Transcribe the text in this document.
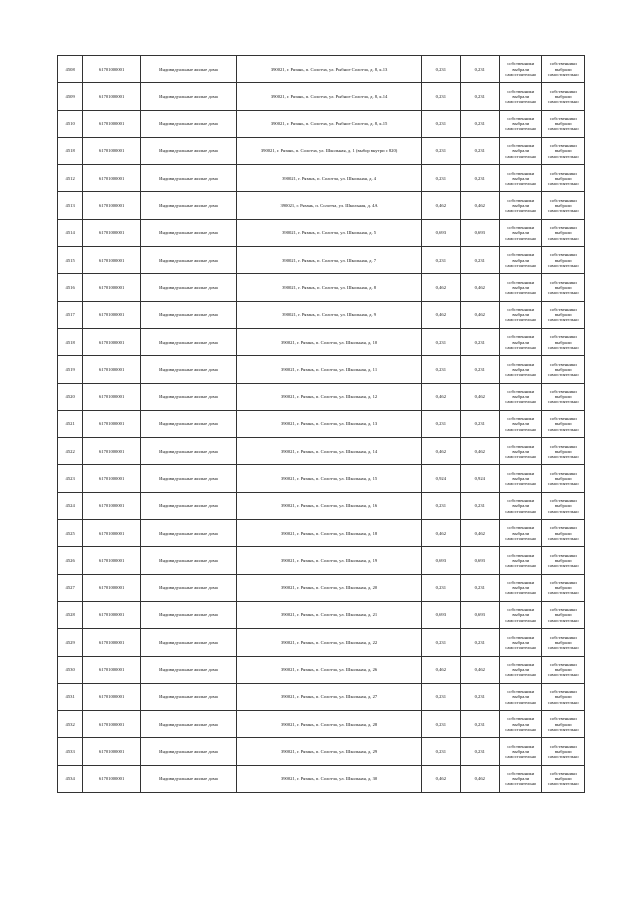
4508	61701000001	Индивидуальные жилые дома	390021, г. Рязань, п. Солотча, ул. Рыбное Солотча, д. 8, к.13	0,231	0,231	собственники выбрали самостоятельно	собственники выбрали самостоятельно
4509	61701000001	Индивидуальные жилые дома	390021, г. Рязань, п. Солотча, ул. Рыбное Солотча, д. 8, к.14	0,231	0,231	собственники выбрали самостоятельно	собственники выбрали самостоятельно
4510	61701000001	Индивидуальные жилые дома	390021, г. Рязань, п. Солотча, ул. Рыбное Солотча, д. 8, к.15	0,231	0,231	собственники выбрали самостоятельно	собственники выбрали самостоятельно
4518	61701000001	Индивидуальные жилые дома	390021, г. Рязань, п. Солотча, ул. Школьная, д. 1 (выбор внутри с 820)	0,231	0,231	собственники выбрали самостоятельно	собственники выбрали самостоятельно
4512	61701000001	Индивидуальные жилые дома	390021, г. Рязань, п. Солотча, ул. Школьная, д. 4	0,231	0,231	собственники выбрали самостоятельно	собственники выбрали самостоятельно
4513	61701000001	Индивидуальные жилые дома	390021, г. Рязань, п. Солотча, ул. Школьная, д. 4А	0,462	0,462	собственники выбрали самостоятельно	собственники выбрали самостоятельно
4514	61701000001	Индивидуальные жилые дома	390021, г. Рязань, п. Солотча, ул. Школьная, д. 5	0,693	0,693	собственники выбрали самостоятельно	собственники выбрали самостоятельно
4515	61701000001	Индивидуальные жилые дома	390021, г. Рязань, п. Солотча, ул. Школьная, д. 7	0,231	0,231	собственники выбрали самостоятельно	собственники выбрали самостоятельно
4516	61701000001	Индивидуальные жилые дома	390021, г. Рязань, п. Солотча, ул. Школьная, д. 8	0,462	0,462	собственники выбрали самостоятельно	собственники выбрали самостоятельно
4517	61701000001	Индивидуальные жилые дома	390021, г. Рязань, п. Солотча, ул. Школьная, д. 9	0,462	0,462	собственники выбрали самостоятельно	собственники выбрали самостоятельно
4518	61701000001	Индивидуальные жилые дома	390021, г. Рязань, п. Солотча, ул. Школьная, д. 10	0,231	0,231	собственники выбрали самостоятельно	собственники выбрали самостоятельно
4519	61701000001	Индивидуальные жилые дома	390021, г. Рязань, п. Солотча, ул. Школьная, д. 11	0,231	0,231	собственники выбрали самостоятельно	собственники выбрали самостоятельно
4520	61701000001	Индивидуальные жилые дома	390021, г. Рязань, п. Солотча, ул. Школьная, д. 12	0,462	0,462	собственники выбрали самостоятельно	собственники выбрали самостоятельно
4521	61701000001	Индивидуальные жилые дома	390021, г. Рязань, п. Солотча, ул. Школьная, д. 13	0,231	0,231	собственники выбрали самостоятельно	собственники выбрали самостоятельно
4522	61701000001	Индивидуальные жилые дома	390021, г. Рязань, п. Солотча, ул. Школьная, д. 14	0,462	0,462	собственники выбрали самостоятельно	собственники выбрали самостоятельно
4523	61701000001	Индивидуальные жилые дома	390021, г. Рязань, п. Солотча, ул. Школьная, д. 15	0,924	0,924	собственники выбрали самостоятельно	собственники выбрали самостоятельно
4524	61701000001	Индивидуальные жилые дома	390021, г. Рязань, п. Солотча, ул. Школьная, д. 16	0,231	0,231	собственники выбрали самостоятельно	собственники выбрали самостоятельно
4525	61701000001	Индивидуальные жилые дома	390021, г. Рязань, п. Солотча, ул. Школьная, д. 18	0,462	0,462	собственники выбрали самостоятельно	собственники выбрали самостоятельно
4526	61701000001	Индивидуальные жилые дома	390021, г. Рязань, п. Солотча, ул. Школьная, д. 19	0,693	0,693	собственники выбрали самостоятельно	собственники выбрали самостоятельно
4527	61701000001	Индивидуальные жилые дома	390021, г. Рязань, п. Солотча, ул. Школьная, д. 20	0,231	0,231	собственники выбрали самостоятельно	собственники выбрали самостоятельно
4528	61701000001	Индивидуальные жилые дома	390021, г. Рязань, п. Солотча, ул. Школьная, д. 21	0,693	0,693	собственники выбрали самостоятельно	собственники выбрали самостоятельно
4529	61701000001	Индивидуальные жилые дома	390021, г. Рязань, п. Солотча, ул. Школьная, д. 22	0,231	0,231	собственники выбрали самостоятельно	собственники выбрали самостоятельно
4530	61701000001	Индивидуальные жилые дома	390021, г. Рязань, п. Солотча, ул. Школьная, д. 26	0,462	0,462	собственники выбрали самостоятельно	собственники выбрали самостоятельно
4531	61701000001	Индивидуальные жилые дома	390021, г. Рязань, п. Солотча, ул. Школьная, д. 27	0,231	0,231	собственники выбрали самостоятельно	собственники выбрали самостоятельно
4532	61701000001	Индивидуальные жилые дома	390021, г. Рязань, п. Солотча, ул. Школьная, д. 28	0,231	0,231	собственники выбрали самостоятельно	собственники выбрали самостоятельно
4533	61701000001	Индивидуальные жилые дома	390021, г. Рязань, п. Солотча, ул. Школьная, д. 29	0,231	0,231	собственники выбрали самостоятельно	собственники выбрали самостоятельно
4534	61701000001	Индивидуальные жилые дома	390021, г. Рязань, п. Солотча, ул. Школьная, д. 30	0,462	0,462	собственники выбрали самостоятельно	собственники выбрали самостоятельно
